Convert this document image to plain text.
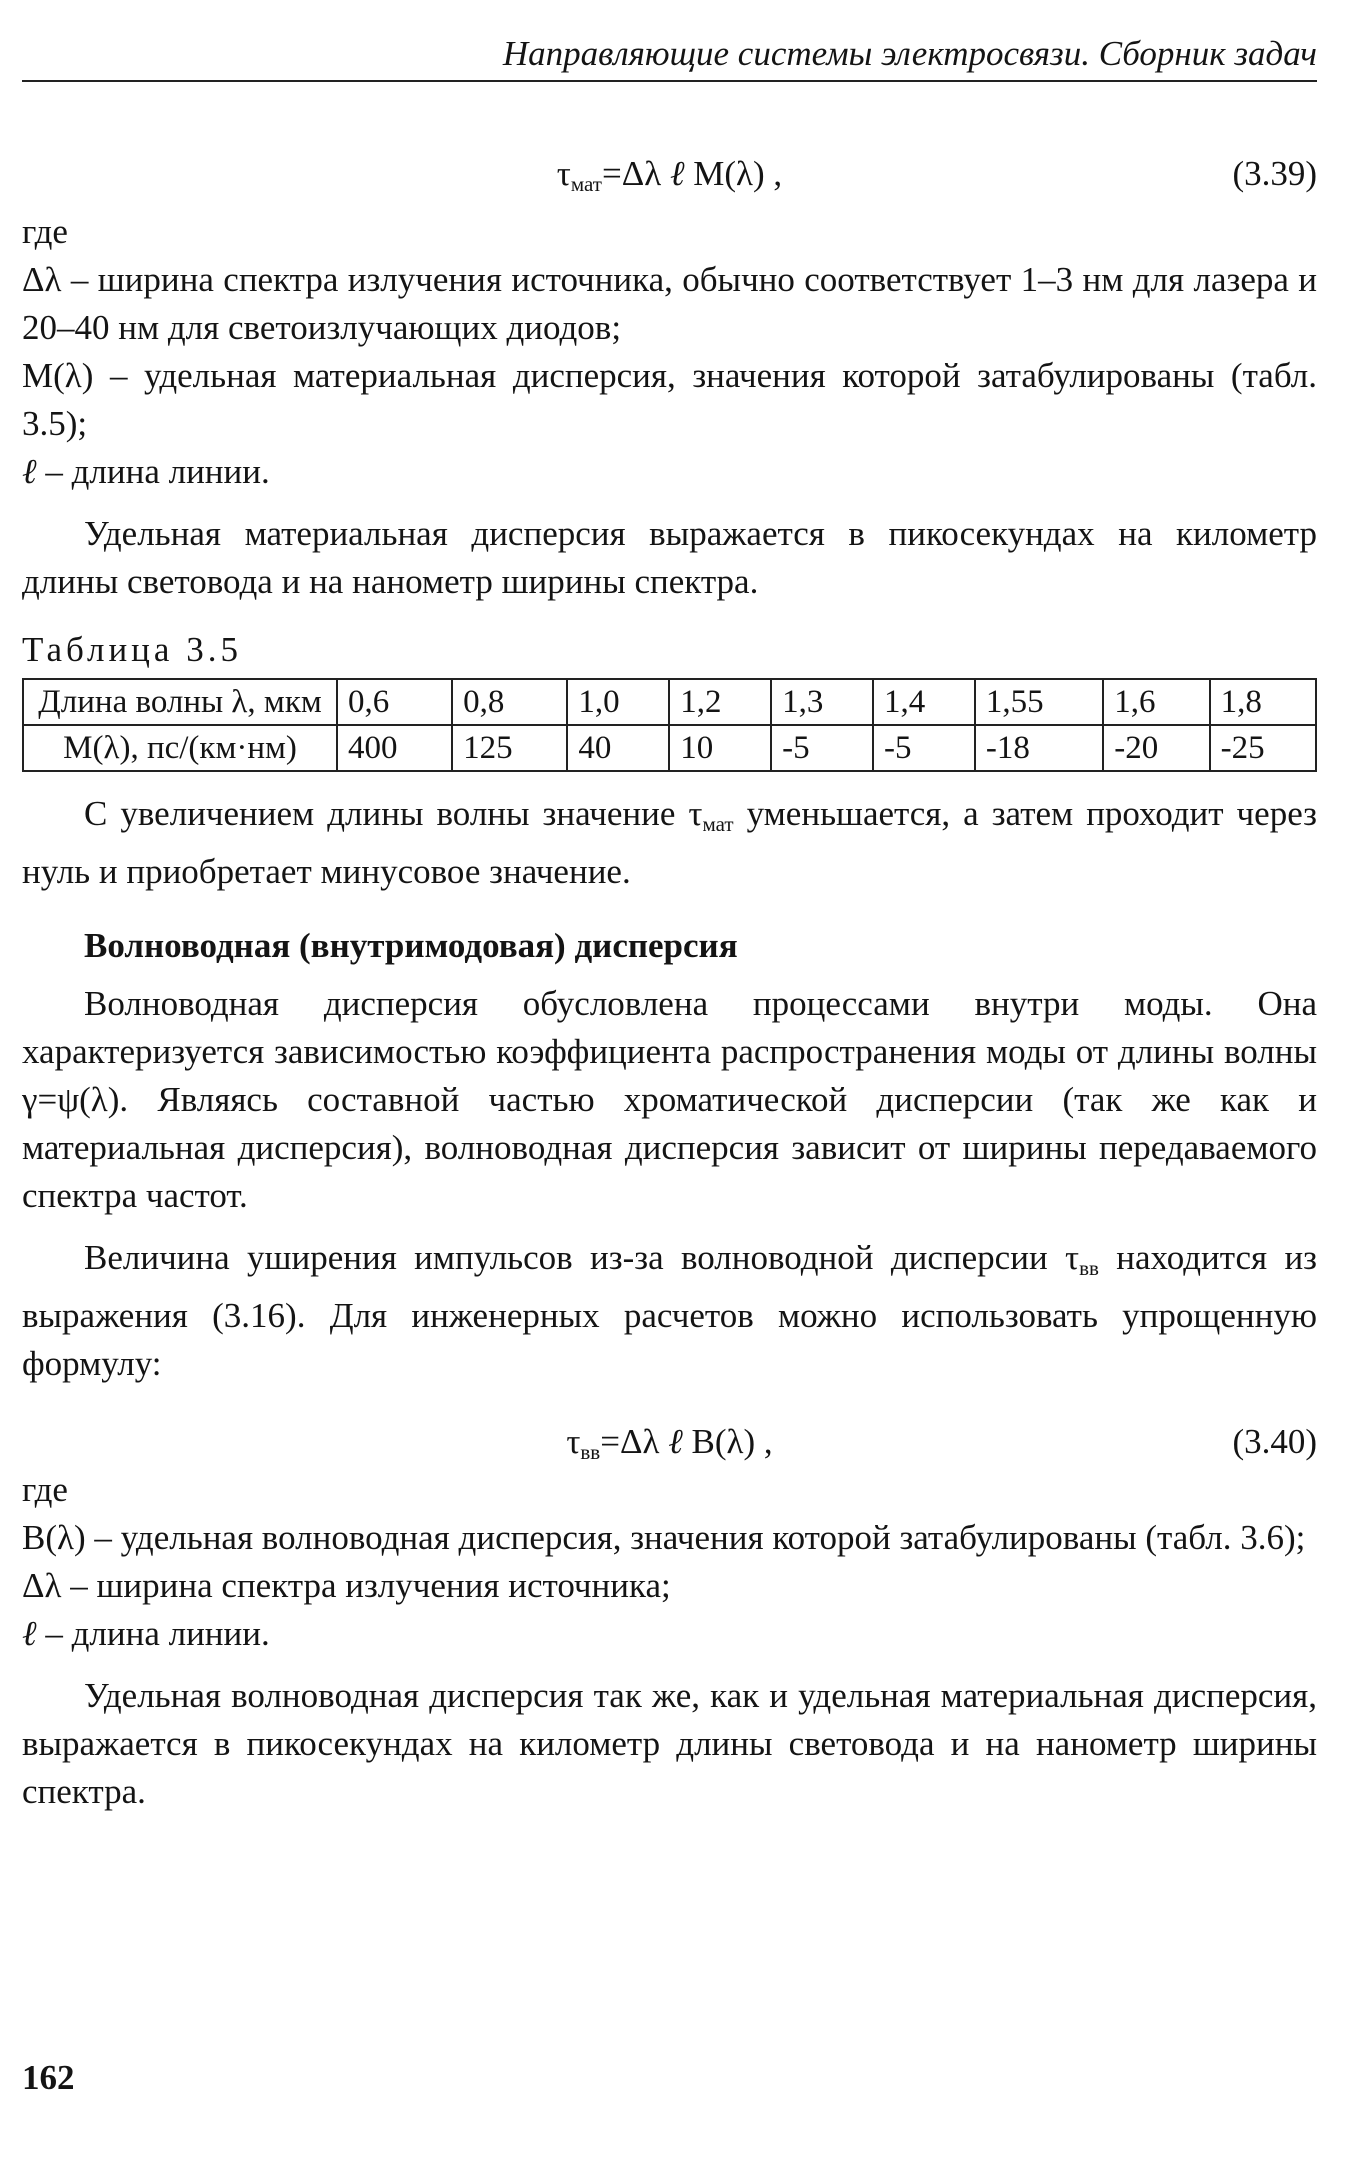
Направляющие системы электросвязи. Сборник задач
$\tau_{мат}=\Delta\lambda$ ℓ M(λ) ,	(3.39)

где

Δλ – ширина спектра излучения источника, обычно соответствует 1–3 нм для лазера и 20–40 нм для светоизлучающих диодов;

M(λ) – удельная материальная дисперсия, значения которой затабулированы (табл. 3.5);

ℓ – длина линии.

Удельная материальная дисперсия выражается в пикосекундах на километр длины световода и на нанометр ширины спектра.

Таблица 3.5
Длина волны λ, мкм	0,6	0,8	1,0	1,2	1,3	1,4	1,55	1,6	1,8
M(λ), пс/(км·нм)	400	125	40	10	-5	-5	-18	-20	-25

С увеличением длины волны значение $\tau_{мат}$ уменьшается, а затем проходит через нуль и приобретает минусовое значение.

Волноводная (внутримодовая) дисперсия

Волноводная дисперсия обусловлена процессами внутри моды. Она характеризуется зависимостью коэффициента распространения моды от длины волны γ=ψ(λ). Являясь составной частью хроматической дисперсии (так же как и материальная дисперсия), волноводная дисперсия зависит от ширины передаваемого спектра частот.

Величина уширения импульсов из-за волноводной дисперсии $\tau_{вв}$ находится из выражения (3.16). Для инженерных расчетов можно использовать упрощенную формулу:

$\tau_{вв}=\Delta\lambda$ ℓ B(λ) ,	(3.40)

где

B(λ) – удельная волноводная дисперсия, значения которой затабулированы (табл. 3.6);

Δλ – ширина спектра излучения источника;

ℓ – длина линии.

Удельная волноводная дисперсия так же, как и удельная материальная дисперсия, выражается в пикосекундах на километр длины световода и на нанометр ширины спектра.

162
